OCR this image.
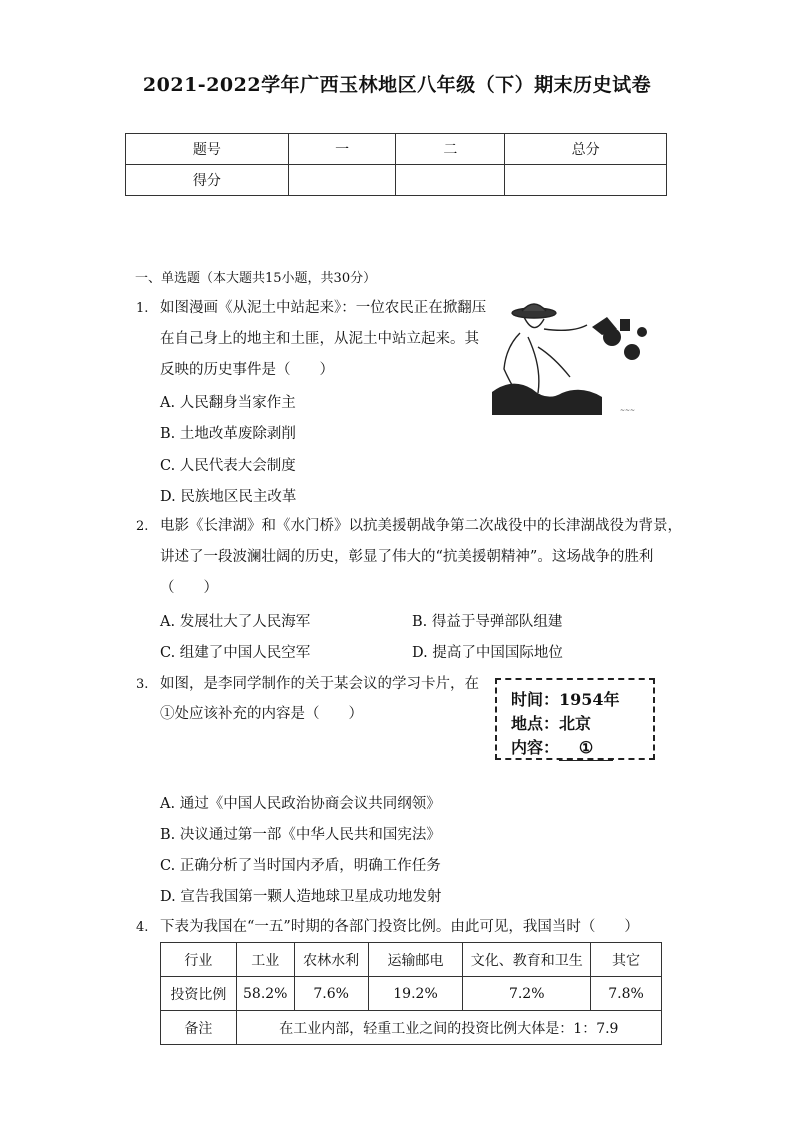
2021-2022学年广西玉林地区八年级（下）期末历史试卷
题号	一	二	总分
得分			
一、单选题（本大题共15小题，共30分）
1. 如图漫画《从泥土中站起来》：一位农民正在掀翻压
在自己身上的地主和土匪，从泥土中站立起来。其
反映的历史事件是（　　）
~~~
A. 人民翻身当家作主
B. 土地改革废除剥削
C. 人民代表大会制度
D. 民族地区民主改革
2. 电影《长津湖》和《水门桥》以抗美援朝战争第二次战役中的长津湖战役为背景，
讲述了一段波澜壮阔的历史，彰显了伟大的“抗美援朝精神”。这场战争的胜利
（　　）
A. 发展壮大了人民海军	B. 得益于导弹部队组建
C. 组建了中国人民空军	D. 提高了中国国际地位
3. 如图，是李同学制作的关于某会议的学习卡片，在
①处应该补充的内容是（　　）
时间：1954年
地点：北京
内容： ①
A. 通过《中国人民政治协商会议共同纲领》
B. 决议通过第一部《中华人民共和国宪法》
C. 正确分析了当时国内矛盾，明确工作任务
D. 宣告我国第一颗人造地球卫星成功地发射
4. 下表为我国在“一五”时期的各部门投资比例。由此可见，我国当时（　　）
行业	工业	农林水利	运输邮电	文化、教育和卫生	其它
投资比例	58.2%	7.6%	19.2%	7.2%	7.8%
备注	在工业内部，轻重工业之间的投资比例大体是：1：7.9				
